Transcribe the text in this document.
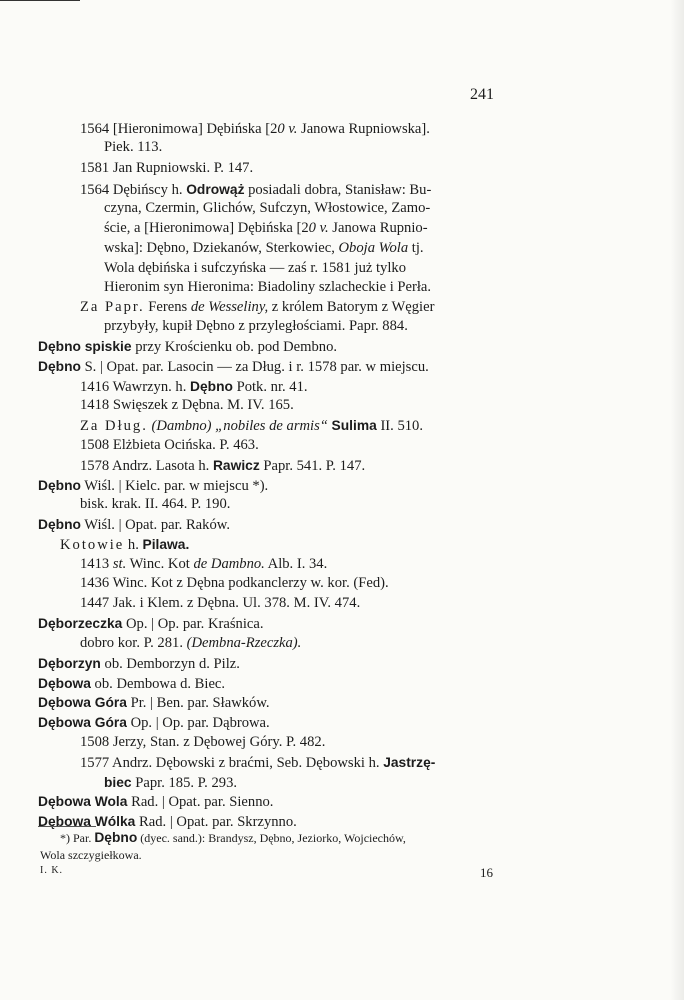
241
1564 [Hieronimowa] Dębińska [20 v. Janowa Rupniowska].
Piek. 113.
1581 Jan Rupniowski. P. 147.
1564 Dębińscy h. Odrowąż posiadali dobra, Stanisław: Bu-
czyna, Czermin, Glichów, Sufczyn, Włostowice, Zamo-
ście, a [Hieronimowa] Dębińska [20 v. Janowa Rupnio-
wska]: Dębno, Dziekanów, Sterkowiec, Oboja Wola tj.
Wola dębińska i sufczyńska — zaś r. 1581 już tylko
Hieronim syn Hieronima: Biadoliny szlacheckie i Perła.
Za Papr. Ferens de Wesseliny, z królem Batorym z Węgier
przybyły, kupił Dębno z przyległościami. Papr. 884.
Dębno spiskie przy Krościenku ob. pod Dembno.
Dębno S. | Opat. par. Lasocin — za Dług. i r. 1578 par. w miejscu.
1416 Wawrzyn. h. Dębno Potk. nr. 41.
1418 Swięszek z Dębna. M. IV. 165.
Za Dług. (Dambno) „nobiles de armis“ Sulima II. 510.
1508 Elżbieta Ocińska. P. 463.
1578 Andrz. Lasota h. Rawicz Papr. 541. P. 147.
Dębno Wiśl. | Kielc. par. w miejscu *).
bisk. krak. II. 464. P. 190.
Dębno Wiśl. | Opat. par. Raków.
Kotowie h. Pilawa.
1413 st. Winc. Kot de Dambno. Alb. I. 34.
1436 Winc. Kot z Dębna podkanclerzy w. kor. (Fed).
1447 Jak. i Klem. z Dębna. Ul. 378. M. IV. 474.
Dęborzeczka Op. | Op. par. Kraśnica.
dobro kor. P. 281. (Dembna-Rzeczka).
Dęborzyn ob. Demborzyn d. Pilz.
Dębowa ob. Dembowa d. Biec.
Dębowa Góra Pr. | Ben. par. Sławków.
Dębowa Góra Op. | Op. par. Dąbrowa.
1508 Jerzy, Stan. z Dębowej Góry. P. 482.
1577 Andrz. Dębowski z braćmi, Seb. Dębowski h. Jastrzę-
biec Papr. 185. P. 293.
Dębowa Wola Rad. | Opat. par. Sienno.
Dębowa Wólka Rad. | Opat. par. Skrzynno.
*) Par. Dębno (dyec. sand.): Brandysz, Dębno, Jeziorko, Wojciechów,
Wola szczygiełkowa.
I. K.	16
